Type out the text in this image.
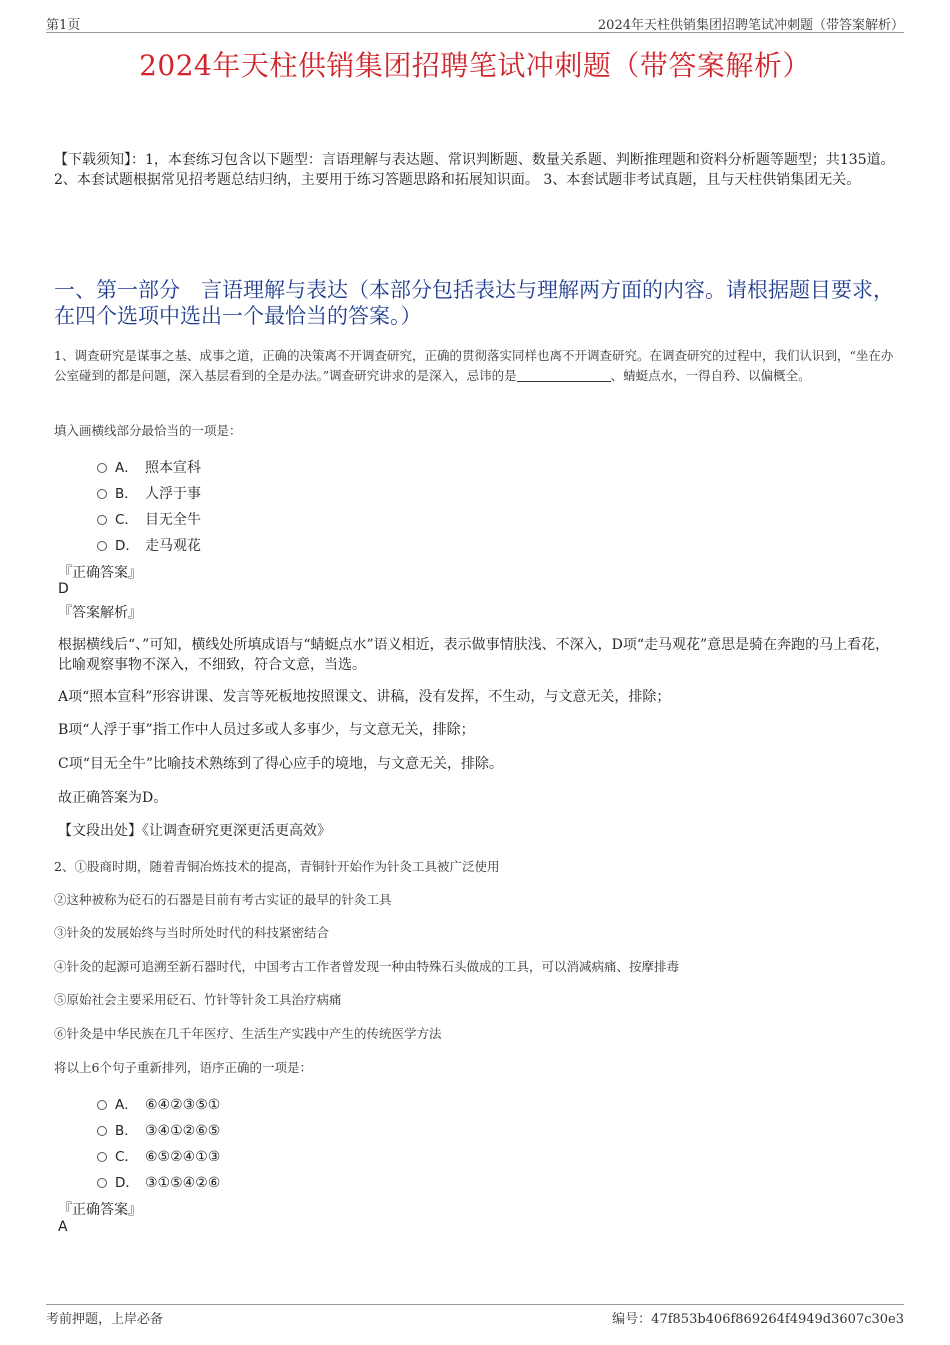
第1页	2024年天柱供销集团招聘笔试冲刺题（带答案解析）
2024年天柱供销集团招聘笔试冲刺题（带答案解析）
【下载须知】：1，本套练习包含以下题型：言语理解与表达题、常识判断题、数量关系题、判断推理题和资料分析题等题型；共135道。 2、本套试题根据常见招考题总结归纳，主要用于练习答题思路和拓展知识面。 3、本套试题非考试真题，且与天柱供销集团无关。
一、第一部分　言语理解与表达（本部分包括表达与理解两方面的内容。请根据题目要求，在四个选项中选出一个最恰当的答案。）
1、调查研究是谋事之基、成事之道，正确的决策离不开调查研究，正确的贯彻落实同样也离不开调查研究。在调查研究的过程中，我们认识到，“坐在办公室碰到的都是问题，深入基层看到的全是办法。”调查研究讲求的是深入，忌讳的是	、蜻蜓点水，一得自矜、以偏概全。
填入画横线部分最恰当的一项是：
A． 照本宣科
B． 人浮于事
C． 目无全牛
D． 走马观花
『正确答案』
D
『答案解析』
根据横线后“、”可知，横线处所填成语与“蜻蜓点水”语义相近，表示做事情肤浅、不深入，D项“走马观花”意思是骑在奔跑的马上看花，比喻观察事物不深入，不细致，符合文意，当选。
A项“照本宣科”形容讲课、发言等死板地按照课文、讲稿，没有发挥，不生动，与文意无关，排除；
B项“人浮于事”指工作中人员过多或人多事少，与文意无关，排除；
C项“目无全牛”比喻技术熟练到了得心应手的境地，与文意无关，排除。
故正确答案为D。
【文段出处】《让调查研究更深更活更高效》
2、①股商时期，随着青铜冶炼技术的提高，青铜针开始作为针灸工具被广泛使用
②这种被称为砭石的石器是目前有考古实证的最早的针灸工具
③针灸的发展始终与当时所处时代的科技紧密结合
④针灸的起源可追溯至新石器时代，中国考古工作者曾发现一种由特殊石头做成的工具，可以消减病痛、按摩排毒
⑤原始社会主要采用砭石、竹针等针灸工具治疗病痛
⑥针灸是中华民族在几千年医疗、生活生产实践中产生的传统医学方法
将以上6个句子重新排列，语序正确的一项是：
A． ⑥④②③⑤①
B． ③④①②⑥⑤
C． ⑥⑤②④①③
D． ③①⑤④②⑥
『正确答案』
A
考前押题，上岸必备	编号：47f853b406f869264f4949d3607c30e3
